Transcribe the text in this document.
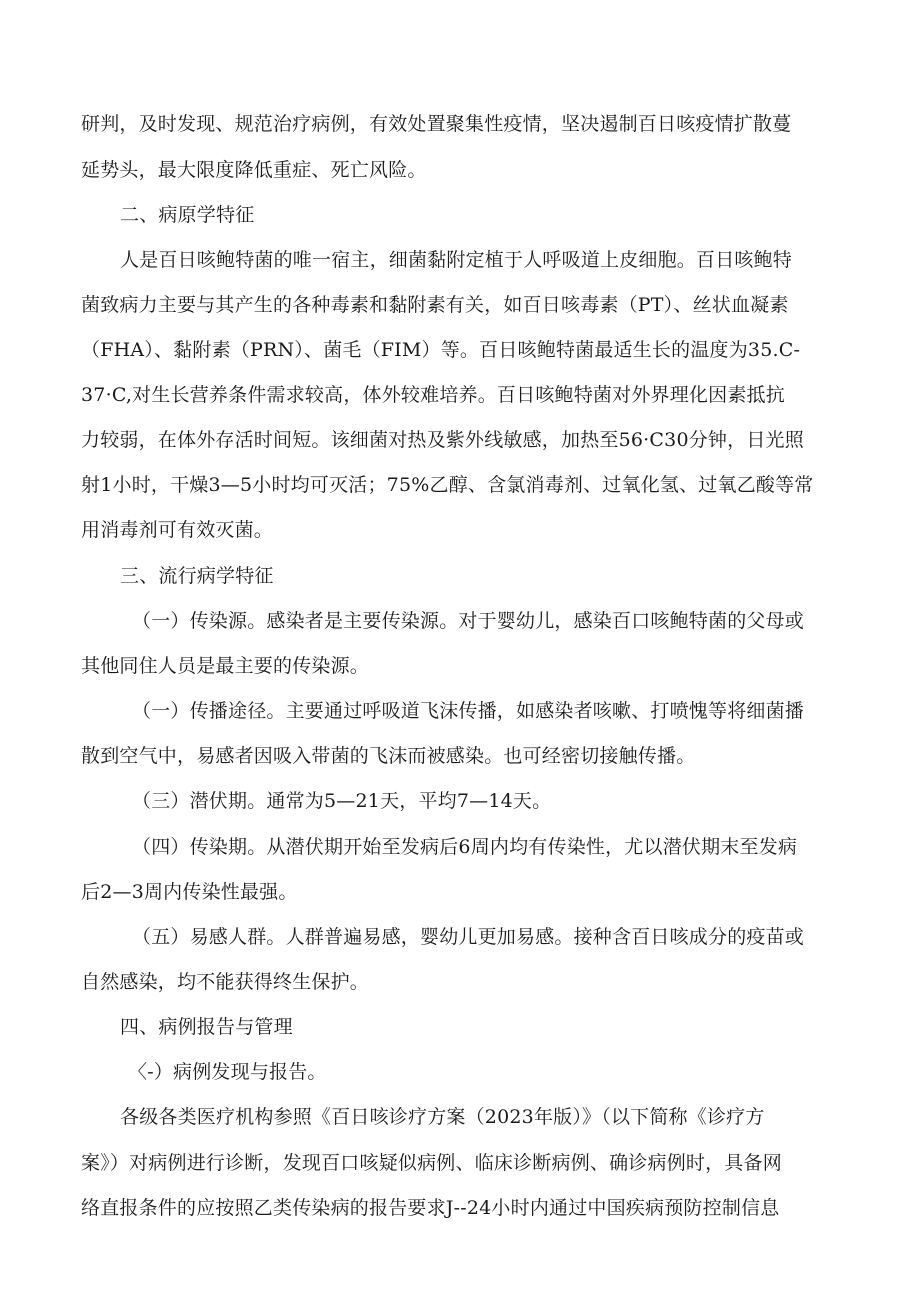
研判，及时发现、规范治疗病例，有效处置聚集性疫情，坚决遏制百日咳疫情扩散蔓
延势头，最大限度降低重症、死亡风险。
二、病原学特征
人是百日咳鲍特菌的唯一宿主，细菌黏附定植于人呼吸道上皮细胞。百日咳鲍特
菌致病力主要与其产生的各种毒素和黏附素有关，如百日咳毒素（PT）、丝状血凝素
（FHA）、黏附素（PRN）、菌毛（FIM）等。百日咳鲍特菌最适生长的温度为35.C-
37·C,对生长营养条件需求较高，体外较难培养。百日咳鲍特菌对外界理化因素抵抗
力较弱，在体外存活时间短。该细菌对热及紫外线敏感，加热至56·C30分钟，日光照
射1小时，干燥3—5小时均可灭活；75%乙醇、含氯消毒剂、过氧化氢、过氧乙酸等常
用消毒剂可有效灭菌。
三、流行病学特征
（一）传染源。感染者是主要传染源。对于婴幼儿，感染百口咳鲍特菌的父母或
其他同住人员是最主要的传染源。
（一）传播途径。主要通过呼吸道飞沫传播，如感染者咳嗽、打喷愧等将细菌播
散到空气中，易感者因吸入带菌的飞沫而被感染。也可经密切接触传播。
（三）潜伏期。通常为5—21天，平均7—14天。
（四）传染期。从潜伏期开始至发病后6周内均有传染性，尤以潜伏期末至发病
后2—3周内传染性最强。
（五）易感人群。人群普遍易感，婴幼儿更加易感。接种含百日咳成分的疫苗或
自然感染，均不能获得终生保护。
四、病例报告与管理
〈-）病例发现与报告。
各级各类医疗机构参照《百日咳诊疗方案（2023年版）》（以下简称《诊疗方
案》）对病例进行诊断，发现百口咳疑似病例、临床诊断病例、确诊病例时，具备网
络直报条件的应按照乙类传染病的报告要求J--24小时内通过中国疾病预防控制信息
